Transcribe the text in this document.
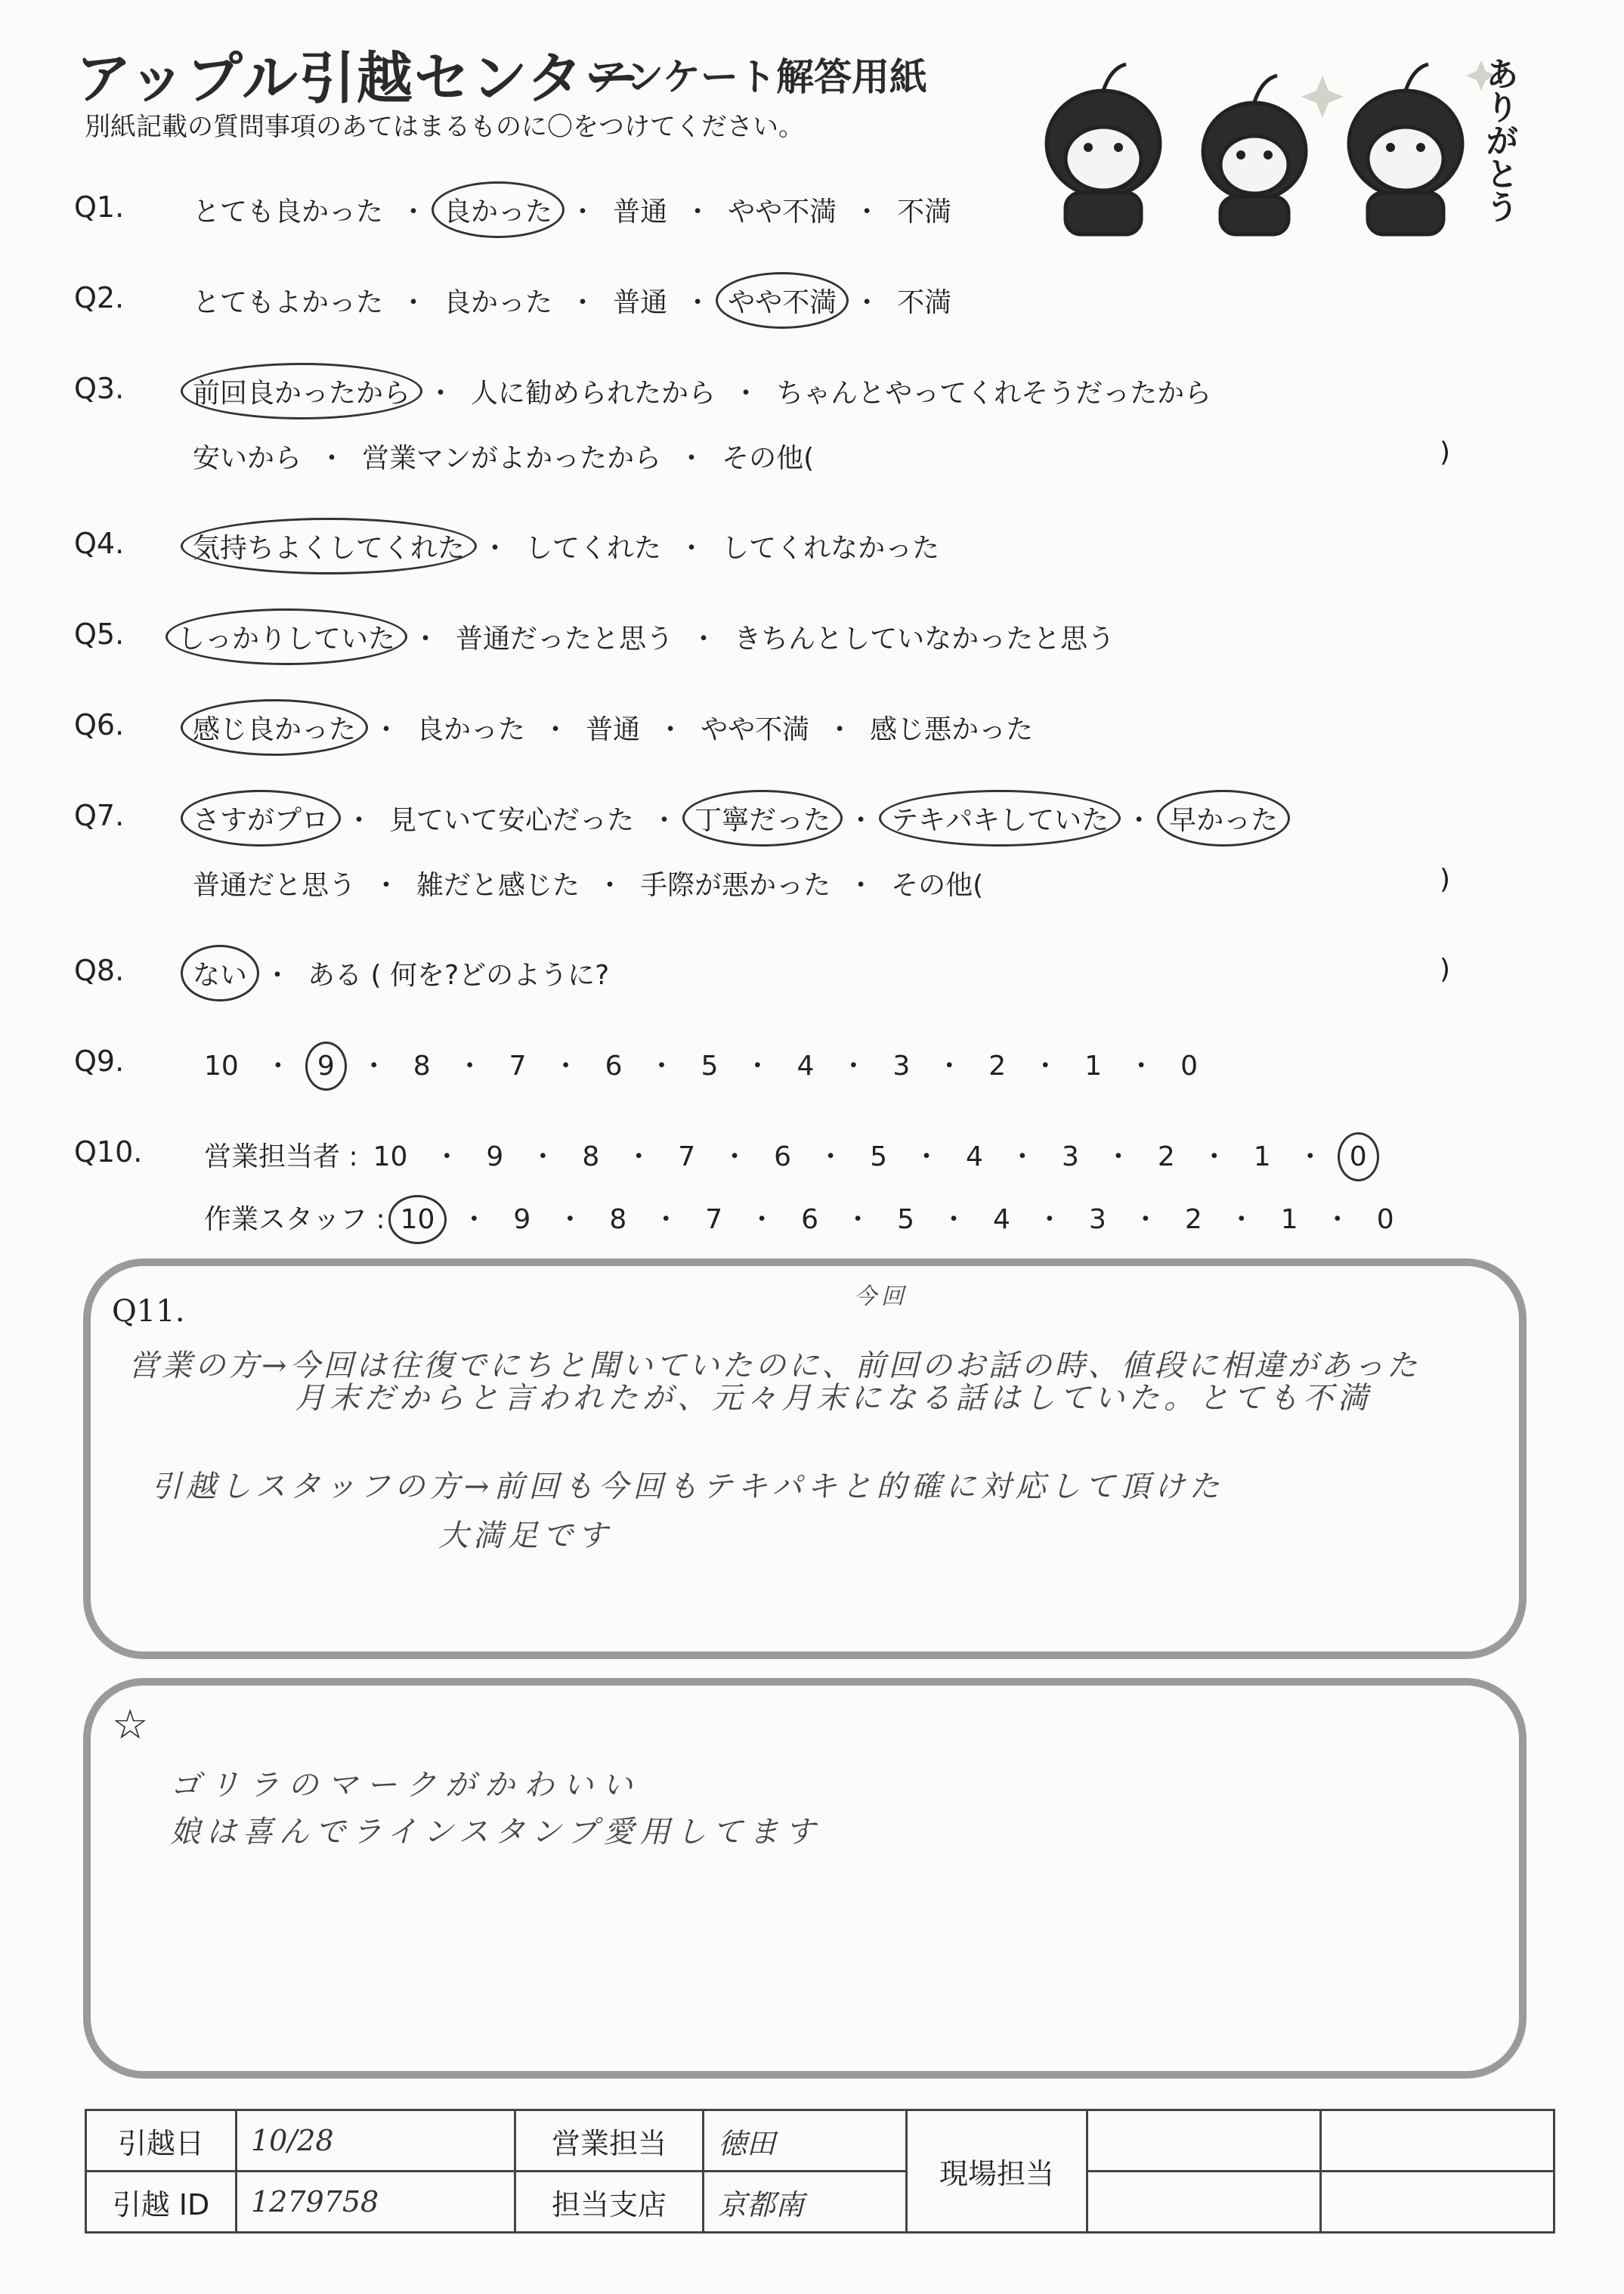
アップル引越センター
アンケート解答用紙
別紙記載の質問事項のあてはまるものに〇をつけてください。	ありがとう
Q1.	とても良かった ・ 良かった ・ 普通 ・ やや不満 ・ 不満
Q2.	とてもよかった ・ 良かった ・ 普通 ・ やや不満 ・ 不満
Q3.	前回良かったから ・ 人に勧められたから ・ ちゃんとやってくれそうだったから
安いから ・ 営業マンがよかったから ・ その他(	)
Q4.	気持ちよくしてくれた ・ してくれた ・ してくれなかった
Q5. しっかりしていた ・ 普通だったと思う ・ きちんとしていなかったと思う
Q6.	感じ良かった ・ 良かった ・ 普通 ・ やや不満 ・ 感じ悪かった
Q7.	さすがプロ ・ 見ていて安心だった ・ 丁寧だった ・ テキパキしていた ・ 早かった
普通だと思う ・ 雑だと感じた ・ 手際が悪かった ・ その他(	)
Q8.	ない ・ ある ( 何を?どのように?	)
Q9.	10 ・ 9 ・ 8 ・ 7 ・ 6 ・ 5 ・ 4 ・ 3 ・ 2 ・ 1 ・ 0
Q10. 営業担当者 : 10 ・ 9 ・ 8 ・ 7 ・ 6 ・ 5 ・ 4 ・ 3 ・ 2 ・ 1 ・ 0
作業スタッフ : 10 ・ 9 ・ 8 ・ 7 ・ 6 ・ 5 ・ 4 ・ 3 ・ 2 ・ 1 ・ 0
Q11.	今回
営業の方→今回は往復でにちと聞いていたのに、前回のお話の時、値段に相違があった
月末だからと言われたが、元々月末になる話はしていた。とても不満
引越しスタッフの方→前回も今回もテキパキと的確に対応して頂けた
大満足です
☆
ゴリラのマークがかわいい
娘は喜んでラインスタンプ愛用してます
引越日	10/28	営業担当	徳田	現場担当		
引越 ID	1279758	担当支店	京都南			
